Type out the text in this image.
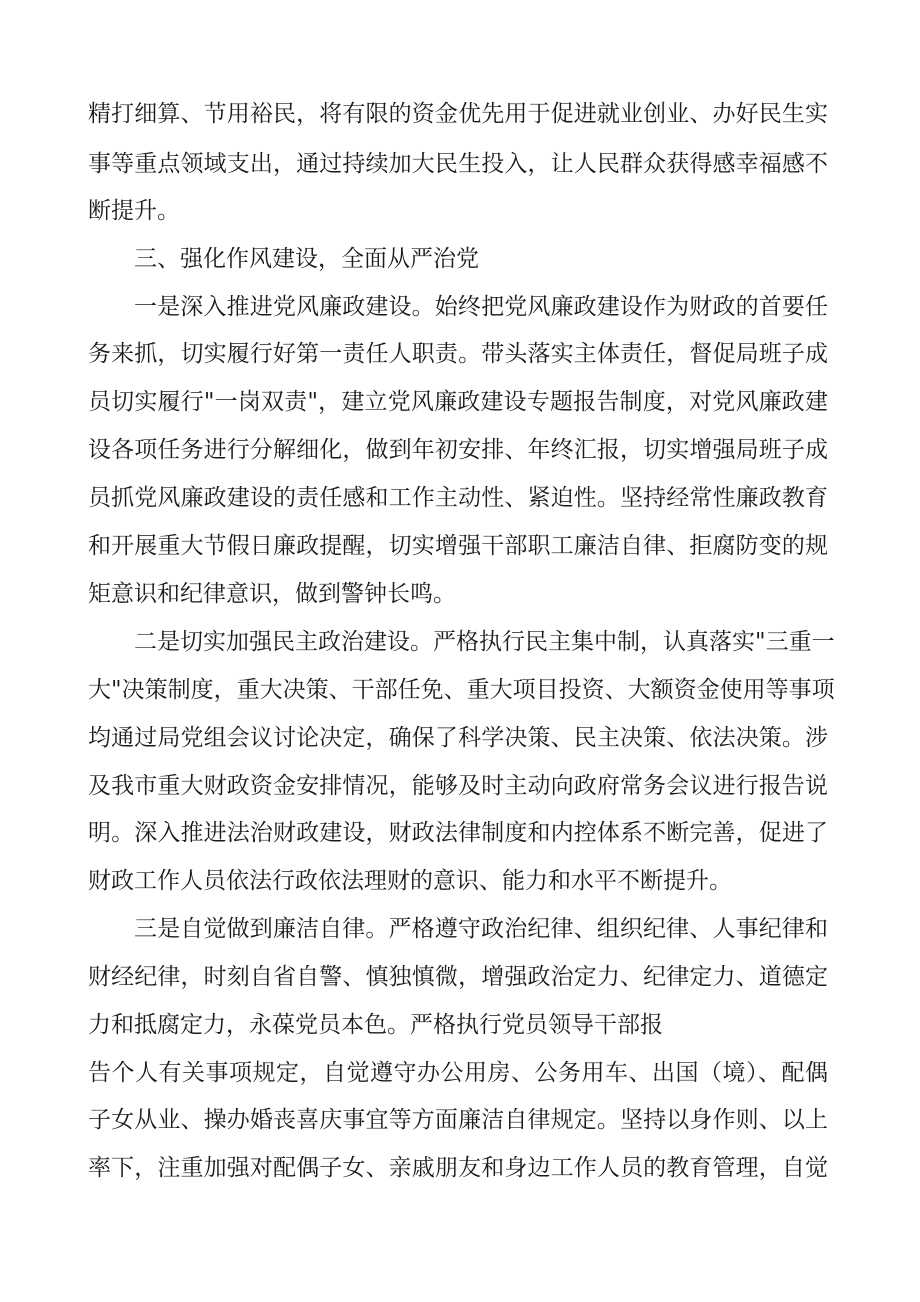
精打细算、节用裕民，将有限的资金优先用于促进就业创业、办好民生实
事等重点领域支出，通过持续加大民生投入，让人民群众获得感幸福感不
断提升。
三、强化作风建设，全面从严治党
一是深入推进党风廉政建设。始终把党风廉政建设作为财政的首要任
务来抓，切实履行好第一责任人职责。带头落实主体责任，督促局班子成
员切实履行"一岗双责"，建立党风廉政建设专题报告制度，对党风廉政建
设各项任务进行分解细化，做到年初安排、年终汇报，切实增强局班子成
员抓党风廉政建设的责任感和工作主动性、紧迫性。坚持经常性廉政教育
和开展重大节假日廉政提醒，切实增强干部职工廉洁自律、拒腐防变的规
矩意识和纪律意识，做到警钟长鸣。
二是切实加强民主政治建设。严格执行民主集中制，认真落实"三重一
大"决策制度，重大决策、干部任免、重大项目投资、大额资金使用等事项
均通过局党组会议讨论决定，确保了科学决策、民主决策、依法决策。涉
及我市重大财政资金安排情况，能够及时主动向政府常务会议进行报告说
明。深入推进法治财政建设，财政法律制度和内控体系不断完善，促进了
财政工作人员依法行政依法理财的意识、能力和水平不断提升。
三是自觉做到廉洁自律。严格遵守政治纪律、组织纪律、人事纪律和
财经纪律，时刻自省自警、慎独慎微，增强政治定力、纪律定力、道德定
力和抵腐定力，永葆党员本色。严格执行党员领导干部报
告个人有关事项规定，自觉遵守办公用房、公务用车、出国（境）、配偶
子女从业、操办婚丧喜庆事宜等方面廉洁自律规定。坚持以身作则、以上
率下，注重加强对配偶子女、亲戚朋友和身边工作人员的教育管理，自觉
